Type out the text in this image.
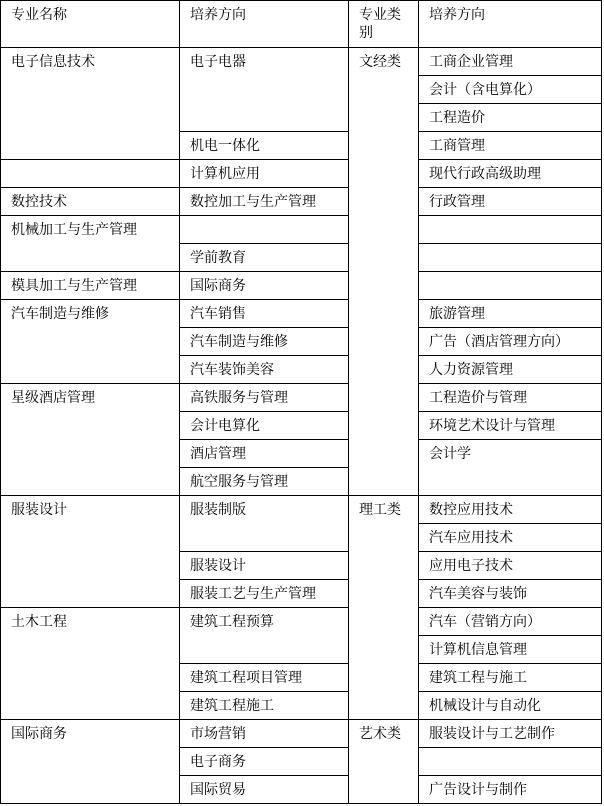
专业名称	培养方向	专业类别	培养方向
电子信息技术	电子电器	文经类	工商企业管理
			会计（含电算化）
			工程造价
	机电一体化		工商管理
	计算机应用		现代行政高级助理
数控技术	数控加工与生产管理		行政管理
机械加工与生产管理			
	学前教育		
模具加工与生产管理	国际商务		
汽车制造与维修	汽车销售		旅游管理
	汽车制造与维修		广告（酒店管理方向）
	汽车装饰美容		人力资源管理
星级酒店管理	高铁服务与管理		工程造价与管理
	会计电算化		环境艺术设计与管理
	酒店管理		会计学
	航空服务与管理		
服装设计	服装制版	理工类	数控应用技术
			汽车应用技术
	服装设计		应用电子技术
	服装工艺与生产管理		汽车美容与装饰
土木工程	建筑工程预算		汽车（营销方向）
			计算机信息管理
	建筑工程项目管理		建筑工程与施工
	建筑工程施工		机械设计与自动化
国际商务	市场营销	艺术类	服装设计与工艺制作
	电子商务		
	国际贸易		广告设计与制作
